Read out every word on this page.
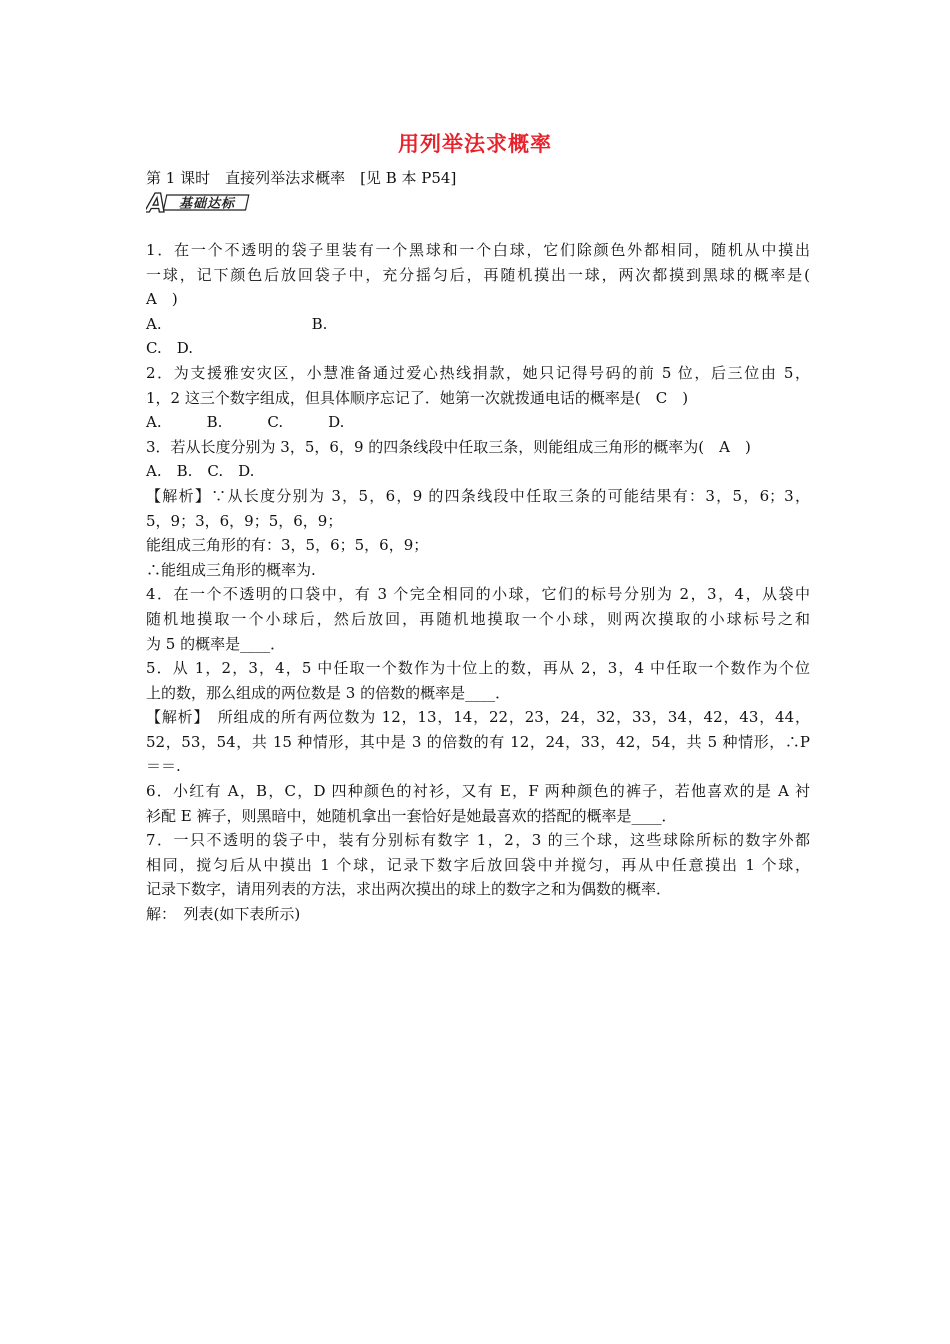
用列举法求概率
第 1 课时　直接列举法求概率　[见 B 本 P54]
A 基础达标
1．在一个不透明的袋子里装有一个黑球和一个白球，它们除颜色外都相同，随机从中摸出
一球，记下颜色后放回袋子中，充分摇匀后，再随机摸出一球，两次都摸到黑球的概率是(
A　)
A.　　　　　　　　　　B.
C.　D.
2．为支援雅安灾区，小慧准备通过爱心热线捐款，她只记得号码的前 5 位，后三位由 5，
1，2 这三个数字组成，但具体顺序忘记了．她第一次就拨通电话的概率是(　C　)
A.　　　B.　　　C.　　　D.
3．若从长度分别为 3，5，6，9 的四条线段中任取三条，则能组成三角形的概率为(　A　)
A.　B.　C.　D.
【解析】∵从长度分别为 3，5，6，9 的四条线段中任取三条的可能结果有：3，5，6；3，
5，9；3，6，9；5，6，9；
能组成三角形的有：3，5，6；5，6，9；
∴能组成三角形的概率为.
4．在一个不透明的口袋中，有 3 个完全相同的小球，它们的标号分别为 2，3，4，从袋中
随机地摸取一个小球后，然后放回，再随机地摸取一个小球，则两次摸取的小球标号之和
为 5 的概率是____．
5．从 1，2，3，4，5 中任取一个数作为十位上的数，再从 2，3，4 中任取一个数作为个位
上的数，那么组成的两位数是 3 的倍数的概率是____．
【解析】　所组成的所有两位数为 12，13，14，22，23，24，32，33，34，42，43，44，
52，53，54，共 15 种情形，其中是 3 的倍数的有 12，24，33，42，54，共 5 种情形，∴P
＝＝.
6．小红有 A，B，C，D 四种颜色的衬衫，又有 E，F 两种颜色的裤子，若他喜欢的是 A 衬
衫配 E 裤子，则黑暗中，她随机拿出一套恰好是她最喜欢的搭配的概率是____．
7．一只不透明的袋子中，装有分别标有数字 1，2，3 的三个球，这些球除所标的数字外都
相同，搅匀后从中摸出 1 个球，记录下数字后放回袋中并搅匀，再从中任意摸出 1 个球，
记录下数字，请用列表的方法，求出两次摸出的球上的数字之和为偶数的概率．
解：　列表(如下表所示)
